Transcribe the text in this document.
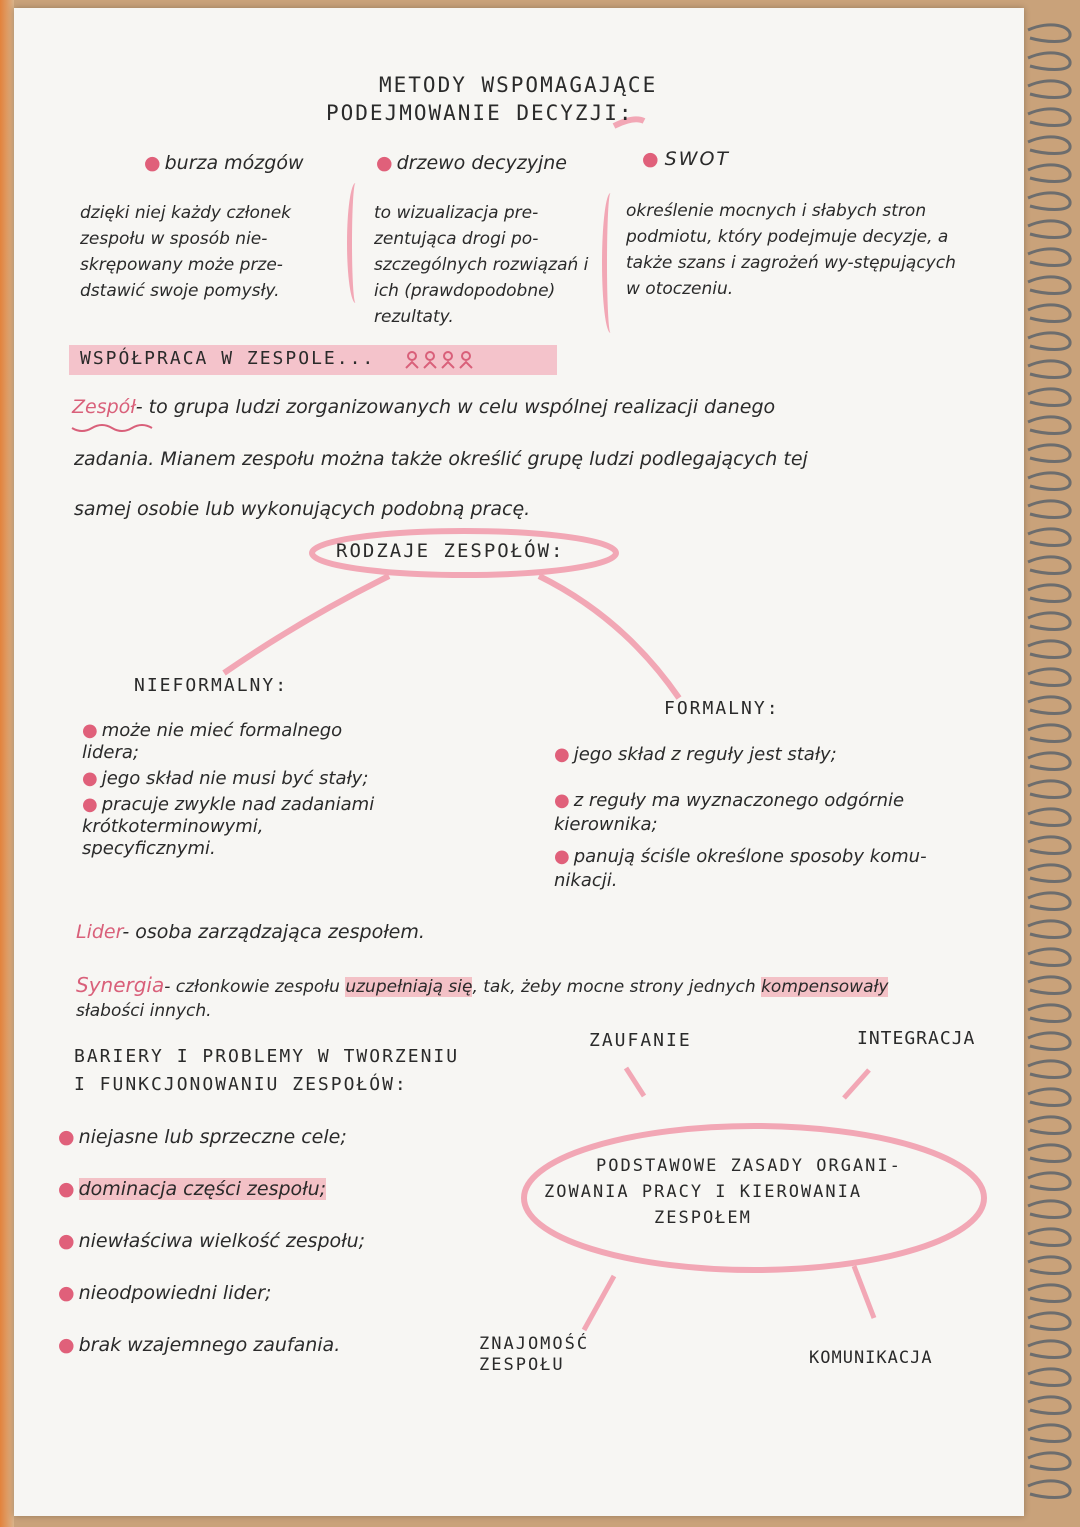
METODY WSPOMAGAJĄCE
PODEJMOWANIE DECYZJI:
● burza mózgów	● drzewo decyzyjne	● SWOT
dzięki niej każdy członek zespołu w sposób nie-skrępowany może prze-dstawić swoje pomysły.
to wizualizacja pre-zentująca drogi po-szczególnych rozwiązań i ich (prawdopodobne) rezultaty.
określenie mocnych i słabych stron podmiotu, który podejmuje decyzje, a także szans i zagrożeń wy-stępujących w otoczeniu.
WSPÓŁPRACA W ZESPOLE...
Zespół- to grupa ludzi zorganizowanych w celu wspólnej realizacji danego
zadania. Mianem zespołu można także określić grupę ludzi podlegających tej
samej osobie lub wykonujących podobną pracę.
RODZAJE ZESPOŁÓW:
NIEFORMALNY:
FORMALNY:
● może nie mieć formalnego lidera;
● jego skład nie musi być stały;
● pracuje zwykle nad zadaniami krótkoterminowymi, specyficznymi.
● jego skład z reguły jest stały;
● z reguły ma wyznaczonego odgórnie kierownika;
● panują ściśle określone sposoby komu-nikacji.
Lider- osoba zarządzająca zespołem.
Synergia- członkowie zespołu uzupełniają się, tak, żeby mocne strony jednych kompensowały
słabości innych.
BARIERY I PROBLEMY W TWORZENIU
I FUNKCJONOWANIU ZESPOŁÓW:
● niejasne lub sprzeczne cele;
● dominacja części zespołu;
● niewłaściwa wielkość zespołu;
● nieodpowiedni lider;
● brak wzajemnego zaufania.
ZAUFANIE	INTEGRACJA
PODSTAWOWE ZASADY ORGANI-
ZOWANIA PRACY I KIEROWANIA
ZESPOŁEM
ZNAJOMOŚĆ ZESPOŁU	KOMUNIKACJA
